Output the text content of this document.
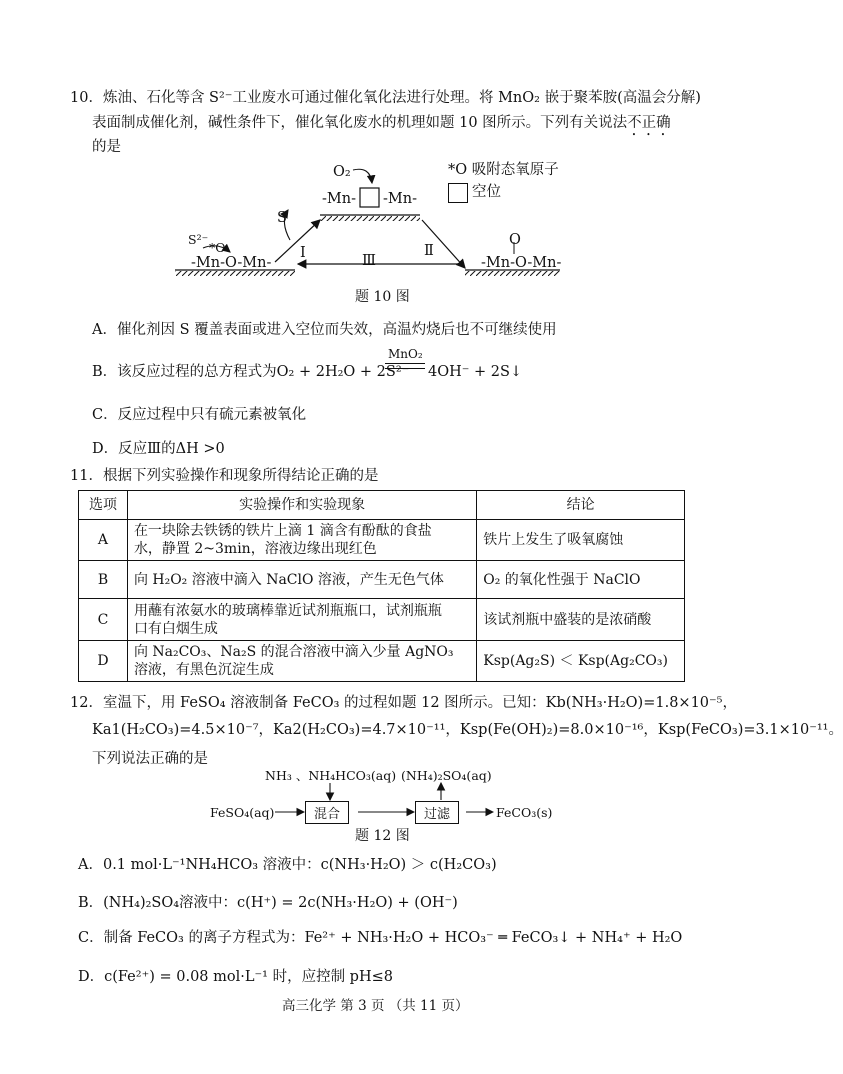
10．炼油、石化等含 S²⁻工业废水可通过催化氧化法进行处理。将 MnO₂ 嵌于聚苯胺(高温会分解)
表面制成催化剂，碱性条件下，催化氧化废水的机理如题 10 图所示。下列有关说法不正确
的是
O₂
-Mn- -Mn-
*O 吸附态氧原子
空位
S
S²⁻
*O
-Mn-O-Mn-
Ⅰ	Ⅲ
Ⅱ
O
-Mn-O-Mn-
题 10 图
A．催化剂因 S 覆盖表面或进入空位而失效，高温灼烧后也不可继续使用
B．该反应过程的总方程式为O₂ + 2H₂O + 2S²⁻
MnO₂
4OH⁻ + 2S↓
C．反应过程中只有硫元素被氧化
D．反应Ⅲ的ΔH >0
11．根据下列实验操作和现象所得结论正确的是
选项	实验操作和实验现象	结论
A	在一块除去铁锈的铁片上滴 1 滴含有酚酞的食盐
水，静置 2~3min，溶液边缘出现红色	铁片上发生了吸氧腐蚀
B	向 H₂O₂ 溶液中滴入 NaClO 溶液，产生无色气体	O₂ 的氧化性强于 NaClO
C	用蘸有浓氨水的玻璃棒靠近试剂瓶瓶口，试剂瓶瓶
口有白烟生成	该试剂瓶中盛装的是浓硝酸
D	向 Na₂CO₃、Na₂S 的混合溶液中滴入少量 AgNO₃
溶液，有黑色沉淀生成	Ksp(Ag₂S) ＜ Ksp(Ag₂CO₃)
12．室温下，用 FeSO₄ 溶液制备 FeCO₃ 的过程如题 12 图所示。已知：Kb(NH₃·H₂O)=1.8×10⁻⁵，
Ka1(H₂CO₃)=4.5×10⁻⁷，Ka2(H₂CO₃)=4.7×10⁻¹¹，Ksp(Fe(OH)₂)=8.0×10⁻¹⁶，Ksp(FeCO₃)=3.1×10⁻¹¹。
下列说法正确的是
NH₃ 、NH₄HCO₃(aq) (NH₄)₂SO₄(aq)
FeSO₄(aq)	混合	过滤	FeCO₃(s)
题 12 图
A．0.1 mol·L⁻¹NH₄HCO₃ 溶液中：c(NH₃·H₂O) ＞ c(H₂CO₃)
B．(NH₄)₂SO₄溶液中：c(H⁺) = 2c(NH₃·H₂O) + (OH⁻)
C．制备 FeCO₃ 的离子方程式为：Fe²⁺ + NH₃·H₂O + HCO₃⁻ ═ FeCO₃↓ + NH₄⁺ + H₂O
D．c(Fe²⁺) = 0.08 mol·L⁻¹ 时，应控制 pH≤8
高三化学 第 3 页 （共 11 页）
